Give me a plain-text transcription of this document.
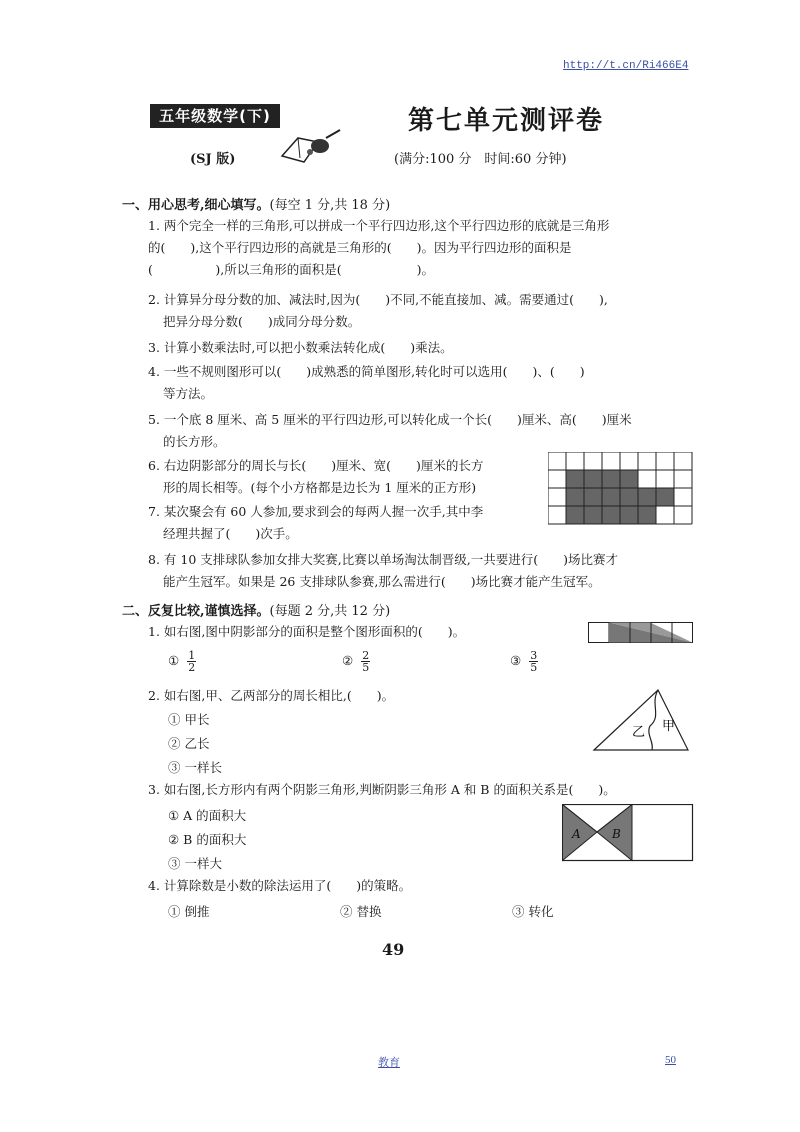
http://t.cn/Ri466E4
五年级数学(下)
(SJ 版)
第七单元测评卷
(满分:100 分　时间:60 分钟)
一、用心思考,细心填写。(每空 1 分,共 18 分)
1. 两个完全一样的三角形,可以拼成一个平行四边形,这个平行四边形的底就是三角形
的(　　),这个平行四边形的高就是三角形的(　　)。因为平行四边形的面积是
(　　　　　),所以三角形的面积是(　　　　　　)。
2. 计算异分母分数的加、减法时,因为(　　)不同,不能直接加、减。需要通过(　　),
把异分母分数(　　)成同分母分数。
3. 计算小数乘法时,可以把小数乘法转化成(　　)乘法。
4. 一些不规则图形可以(　　)成熟悉的简单图形,转化时可以选用(　　)、(　　)
等方法。
5. 一个底 8 厘米、高 5 厘米的平行四边形,可以转化成一个长(　　)厘米、高(　　)厘米
的长方形。
6. 右边阴影部分的周长与长(　　)厘米、宽(　　)厘米的长方
形的周长相等。(每个小方格都是边长为 1 厘米的正方形)
7. 某次聚会有 60 人参加,要求到会的每两人握一次手,其中李
经理共握了(　　)次手。
8. 有 10 支排球队参加女排大奖赛,比赛以单场淘汰制晋级,一共要进行(　　)场比赛才
能产生冠军。如果是 26 支排球队参赛,那么需进行(　　)场比赛才能产生冠军。
二、反复比较,谨慎选择。(每题 2 分,共 12 分)
1. 如右图,图中阴影部分的面积是整个图形面积的(　　)。
① $\frac{1}{2}$	② $\frac{2}{5}$	③ $\frac{3}{5}$
2. 如右图,甲、乙两部分的周长相比,(　　)。
① 甲长
② 乙长
③ 一样长
乙 甲
3. 如右图,长方形内有两个阴影三角形,判断阴影三角形 A 和 B 的面积关系是(　　)。
① A 的面积大
② B 的面积大
③ 一样大
A	B
4. 计算除数是小数的除法运用了(　　)的策略。
① 倒推	② 替换	③ 转化
49
教育	50
